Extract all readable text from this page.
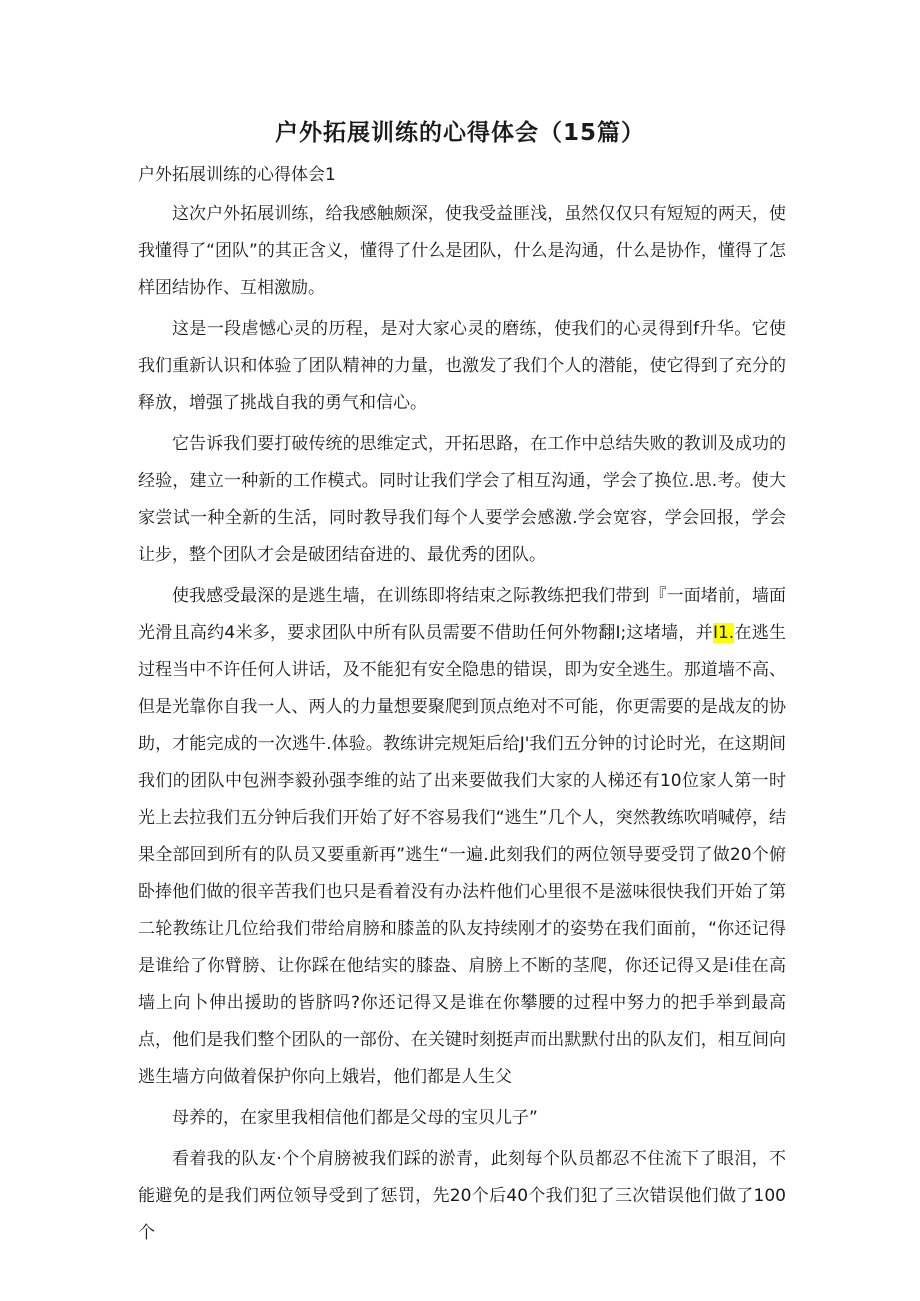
户外拓展训练的心得体会（15篇）
户外拓展训练的心得体会1

这次户外拓展训练，给我感触颇深，使我受益匪浅，虽然仅仅只有短短的两天，使我懂得了“团队”的其正含义，懂得了什么是团队，什么是沟通，什么是协作，懂得了怎样团结协作、互相激励。

这是一段虐憾心灵的历程，是对大家心灵的磨练，使我们的心灵得到f升华。它使我们重新认识和体验了团队精神的力量，也激发了我们个人的潜能，使它得到了充分的释放，增强了挑战自我的勇气和信心。

它告诉我们要打破传统的思维定式，开拓思路，在工作中总结失败的教训及成功的经验，建立一种新的工作模式。同时让我们学会了相互沟通，学会了换位.思.考。使大家尝试一种全新的生活，同时教导我们每个人要学会感激.学会宽容，学会回报，学会让步，整个团队才会是破团结奋进的、最优秀的团队。

使我感受最深的是逃生墙，在训练即将结束之际教练把我们带到『一面堵前，墙面光滑且高约4米多，要求团队中所有队员需要不借助任何外物翻I;这堵墙，并I1.在逃生过程当中不许任何人讲话，及不能犯有安全隐患的错误，即为安全逃生。那道墙不高、但是光靠你自我一人、两人的力量想要聚爬到顶点绝对不可能，你更需要的是战友的协助，才能完成的一次逃牛.体验。教练讲完规矩后给J'我们五分钟的讨论时光，在这期间我们的团队中包洲李毅孙强李维的站了出来要做我们大家的人梯还有10位家人第一时光上去拉我们五分钟后我们开始了好不容易我们“逃生”几个人，突然教练吹哨喊停，结果全部回到所有的队员又要重新再”逃生“一遍.此刻我们的两位领导要受罚了做20个俯卧捧他们做的很辛苦我们也只是看着没有办法杵他们心里很不是滋味很快我们开始了第二轮教练让几位给我们带给肩膀和膝盖的队友持续刚才的姿势在我们面前，“你还记得是谁给了你臂膀、让你踩在他结实的膝盎、肩膀上不断的茎爬，你还记得又是i佳在高墙上向卜伸出援助的皆脐吗?你还记得又是谁在你攀腰的过程中努力的把手举到最高点，他们是我们整个团队的一部份、在关键时刻挺声而出默默付出的队友们，相互间向逃生墙方向做着保护你向上娥岩，他们都是人生父

母养的，在家里我相信他们都是父母的宝贝儿子”

看着我的队友·个个肩膀被我们踩的淤青，此刻每个队员都忍不住流下了眼泪，不能避免的是我们两位领导受到了惩罚，先20个后40个我们犯了三次错误他们做了100个
